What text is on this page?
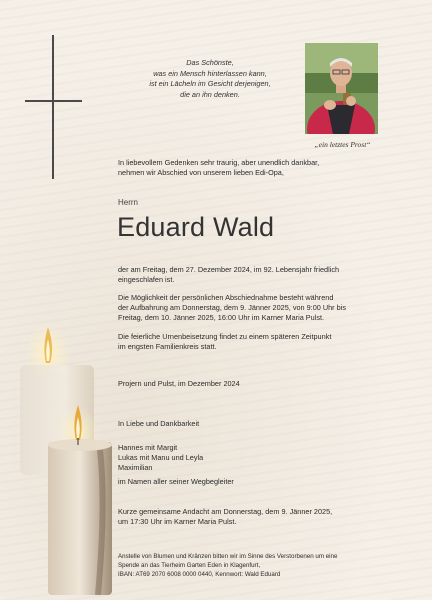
Das Schönste,
was ein Mensch hinterlassen kann,
ist ein Lächeln im Gesicht derjenigen,
die an ihn denken.
„ein letztes Prost“
In liebevollem Gedenken sehr traurig, aber unendlich dankbar,
nehmen wir Abschied von unserem lieben Edi-Opa,
Herrn
Eduard Wald
der am Freitag, dem 27. Dezember 2024, im 92. Lebensjahr friedlich
eingeschlafen ist.
Die Möglichkeit der persönlichen Abschiednahme besteht während
der Aufbahrung am Donnerstag, dem 9. Jänner 2025, von 9:00 Uhr bis
Freitag, dem 10. Jänner 2025, 16:00 Uhr im Karner Maria Pulst.
Die feierliche Urnenbeisetzung findet zu einem späteren Zeitpunkt
im engsten Familienkreis statt.
Projern und Pulst, im Dezember 2024
In Liebe und Dankbarkeit
Hannes mit Margit
Lukas mit Manu und Leyla
Maximilian
im Namen aller seiner Wegbegleiter
Kurze gemeinsame Andacht am Donnerstag, dem 9. Jänner 2025,
um 17:30 Uhr im Karner Maria Pulst.
Anstelle von Blumen und Kränzen bitten wir im Sinne des Verstorbenen um eine
Spende an das Tierheim Garten Eden in Klagenfurt,
IBAN: AT69 2070 6008 0000 0440, Kennwort: Wald Eduard
